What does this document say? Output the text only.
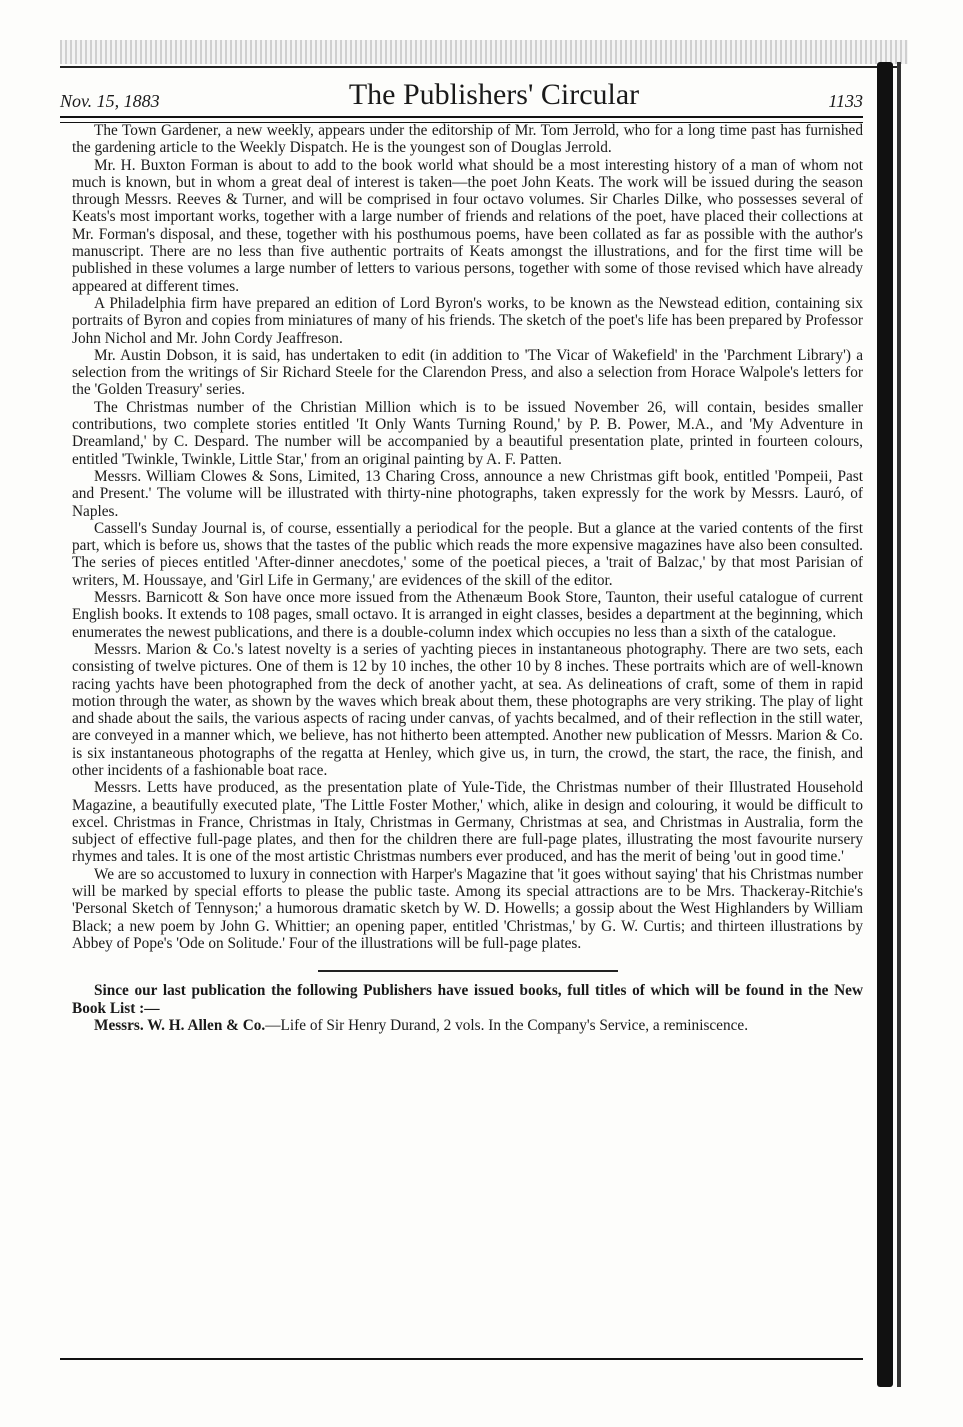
Nov. 15, 1883	The Publishers' Circular	1133

The Town Gardener, a new weekly, appears under the editorship of Mr. Tom Jerrold, who for a long time past has furnished the gardening article to the Weekly Dispatch. He is the youngest son of Douglas Jerrold.

Mr. H. Buxton Forman is about to add to the book world what should be a most interesting history of a man of whom not much is known, but in whom a great deal of interest is taken—the poet John Keats. The work will be issued during the season through Messrs. Reeves & Turner, and will be comprised in four octavo volumes. Sir Charles Dilke, who possesses several of Keats's most important works, together with a large number of friends and relations of the poet, have placed their collections at Mr. Forman's disposal, and these, together with his posthumous poems, have been collated as far as possible with the author's manuscript. There are no less than five authentic portraits of Keats amongst the illustrations, and for the first time will be published in these volumes a large number of letters to various persons, together with some of those revised which have already appeared at different times.

A Philadelphia firm have prepared an edition of Lord Byron's works, to be known as the Newstead edition, containing six portraits of Byron and copies from miniatures of many of his friends. The sketch of the poet's life has been prepared by Professor John Nichol and Mr. John Cordy Jeaffreson.

Mr. Austin Dobson, it is said, has undertaken to edit (in addition to 'The Vicar of Wakefield' in the 'Parchment Library') a selection from the writings of Sir Richard Steele for the Clarendon Press, and also a selection from Horace Walpole's letters for the 'Golden Treasury' series.

The Christmas number of the Christian Million which is to be issued November 26, will contain, besides smaller contributions, two complete stories entitled 'It Only Wants Turning Round,' by P. B. Power, M.A., and 'My Adventure in Dreamland,' by C. Despard. The number will be accompanied by a beautiful presentation plate, printed in fourteen colours, entitled 'Twinkle, Twinkle, Little Star,' from an original painting by A. F. Patten.

Messrs. William Clowes & Sons, Limited, 13 Charing Cross, announce a new Christmas gift book, entitled 'Pompeii, Past and Present.' The volume will be illustrated with thirty-nine photographs, taken expressly for the work by Messrs. Lauró, of Naples.

Cassell's Sunday Journal is, of course, essentially a periodical for the people. But a glance at the varied contents of the first part, which is before us, shows that the tastes of the public which reads the more expensive magazines have also been consulted. The series of pieces entitled 'After-dinner anecdotes,' some of the poetical pieces, a 'trait of Balzac,' by that most Parisian of writers, M. Houssaye, and 'Girl Life in Germany,' are evidences of the skill of the editor.

Messrs. Barnicott & Son have once more issued from the Athenæum Book Store, Taunton, their useful catalogue of current English books. It extends to 108 pages, small octavo. It is arranged in eight classes, besides a department at the beginning, which enumerates the newest publications, and there is a double-column index which occupies no less than a sixth of the catalogue.

Messrs. Marion & Co.'s latest novelty is a series of yachting pieces in instantaneous photography. There are two sets, each consisting of twelve pictures. One of them is 12 by 10 inches, the other 10 by 8 inches. These portraits which are of well-known racing yachts have been photographed from the deck of another yacht, at sea. As delineations of craft, some of them in rapid motion through the water, as shown by the waves which break about them, these photographs are very striking. The play of light and shade about the sails, the various aspects of racing under canvas, of yachts becalmed, and of their reflection in the still water, are conveyed in a manner which, we believe, has not hitherto been attempted. Another new publication of Messrs. Marion & Co. is six instantaneous photographs of the regatta at Henley, which give us, in turn, the crowd, the start, the race, the finish, and other incidents of a fashionable boat race.

Messrs. Letts have produced, as the presentation plate of Yule-Tide, the Christmas number of their Illustrated Household Magazine, a beautifully executed plate, 'The Little Foster Mother,' which, alike in design and colouring, it would be difficult to excel. Christmas in France, Christmas in Italy, Christmas in Germany, Christmas at sea, and Christmas in Australia, form the subject of effective full-page plates, and then for the children there are full-page plates, illustrating the most favourite nursery rhymes and tales. It is one of the most artistic Christmas numbers ever produced, and has the merit of being 'out in good time.'

We are so accustomed to luxury in connection with Harper's Magazine that 'it goes without saying' that his Christmas number will be marked by special efforts to please the public taste. Among its special attractions are to be Mrs. Thackeray-Ritchie's 'Personal Sketch of Tennyson;' a humorous dramatic sketch by W. D. Howells; a gossip about the West Highlanders by William Black; a new poem by John G. Whittier; an opening paper, entitled 'Christmas,' by G. W. Curtis; and thirteen illustrations by Abbey of Pope's 'Ode on Solitude.' Four of the illustrations will be full-page plates.

Since our last publication the following Publishers have issued books, full titles of which will be found in the New Book List :—

Messrs. W. H. Allen & Co.—Life of Sir Henry Durand, 2 vols. In the Company's Service, a reminiscence.
